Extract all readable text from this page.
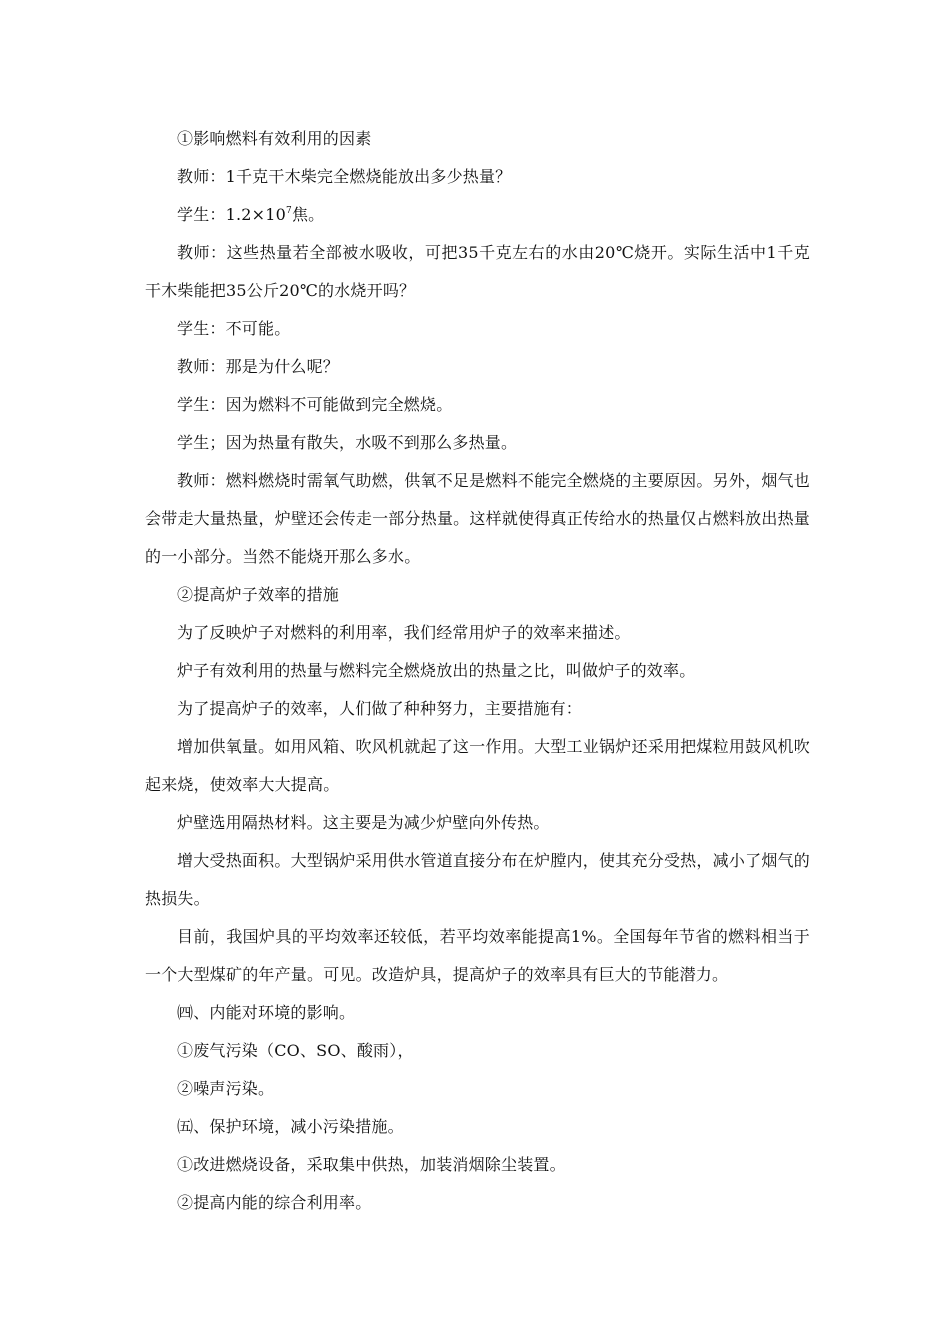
①影响燃料有效利用的因素

教师：1千克干木柴完全燃烧能放出多少热量？

学生：$1.2\times 10^7$焦。

教师：这些热量若全部被水吸收，可把35千克左右的水由20℃烧开。实际生活中1千克干木柴能把35公斤20℃的水烧开吗？

学生：不可能。

教师：那是为什么呢？

学生：因为燃料不可能做到完全燃烧。

学生；因为热量有散失，水吸不到那么多热量。

教师：燃料燃烧时需氧气助燃，供氧不足是燃料不能完全燃烧的主要原因。另外，烟气也会带走大量热量，炉壁还会传走一部分热量。这样就使得真正传给水的热量仅占燃料放出热量的一小部分。当然不能烧开那么多水。

②提高炉子效率的措施

为了反映炉子对燃料的利用率，我们经常用炉子的效率来描述。

炉子有效利用的热量与燃料完全燃烧放出的热量之比，叫做炉子的效率。

为了提高炉子的效率，人们做了种种努力，主要措施有：

增加供氧量。如用风箱、吹风机就起了这一作用。大型工业锅炉还采用把煤粒用鼓风机吹起来烧，使效率大大提高。

炉壁选用隔热材料。这主要是为减少炉壁向外传热。

增大受热面积。大型锅炉采用供水管道直接分布在炉膛内，使其充分受热，减小了烟气的热损失。

目前，我国炉具的平均效率还较低，若平均效率能提高1%。全国每年节省的燃料相当于一个大型煤矿的年产量。可见。改造炉具，提高炉子的效率具有巨大的节能潜力。

㈣、内能对环境的影响。

①废气污染（CO、SO、酸雨），

②噪声污染。

㈤、保护环境，减小污染措施。

①改进燃烧设备，采取集中供热，加装消烟除尘装置。

②提高内能的综合利用率。
